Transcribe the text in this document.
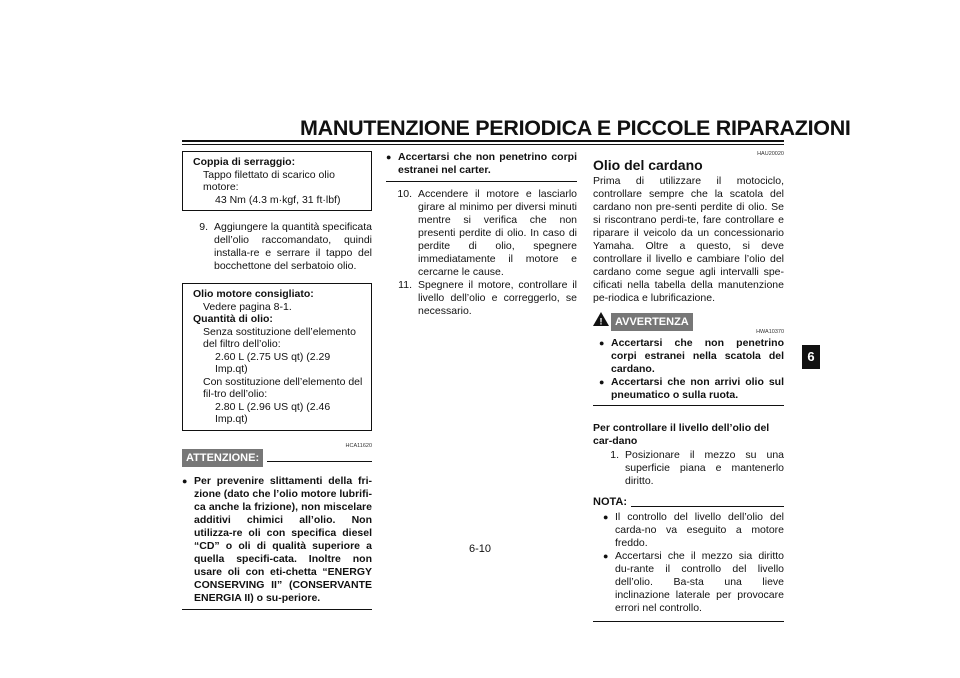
MANUTENZIONE PERIODICA E PICCOLE RIPARAZIONI
6
6-10
Coppia di serraggio:
Tappo filettato di scarico olio motore:
43 Nm (4.3 m·kgf, 31 ft·lbf)
9. Aggiungere la quantità specificata dell’olio raccomandato, quindi installa-re e serrare il tappo del bocchettone del serbatoio olio.
Olio motore consigliato:
Vedere pagina 8-1.
Quantità di olio:
Senza sostituzione dell’elemento del filtro dell’olio:
2.60 L (2.75 US qt) (2.29 Imp.qt)
Con sostituzione dell’elemento del fil-tro dell’olio:
2.80 L (2.96 US qt) (2.46 Imp.qt)
HCA11620
ATTENZIONE:
● Per prevenire slittamenti della fri-zione (dato che l’olio motore lubrifi-ca anche la frizione), non miscelare additivi chimici all’olio. Non utilizza-re oli con specifica diesel “CD” o oli di qualità superiore a quella specifi-cata. Inoltre non usare oli con eti-chetta “ENERGY CONSERVING II” (CONSERVANTE ENERGIA II) o su-periore.
● Accertarsi che non penetrino corpi estranei nel carter.
10. Accendere il motore e lasciarlo girare al minimo per diversi minuti mentre si verifica che non presenti perdite di olio. In caso di perdite di olio, spegnere immediatamente il motore e cercarne le cause.
11. Spegnere il motore, controllare il livello dell’olio e correggerlo, se necessario.
HAU20020
Olio del cardano
Prima di utilizzare il motociclo, controllare sempre che la scatola del cardano non pre-senti perdite di olio. Se si riscontrano perdi-te, fare controllare e riparare il veicolo da un concessionario Yamaha. Oltre a questo, si deve controllare il livello e cambiare l’olio del cardano come segue agli intervalli spe-cificati nella tabella della manutenzione pe-riodica e lubrificazione.
!	AVVERTENZA
HWA10370
● Accertarsi che non penetrino corpi estranei nella scatola del cardano.
● Accertarsi che non arrivi olio sul pneumatico o sulla ruota.
Per controllare il livello dell’olio del car-dano
1. Posizionare il mezzo su una superficie piana e mantenerlo diritto.
NOTA:
● Il controllo del livello dell’olio del carda-no va eseguito a motore freddo.
● Accertarsi che il mezzo sia diritto du-rante il controllo del livello dell’olio. Ba-sta una lieve inclinazione laterale per provocare errori nel controllo.
